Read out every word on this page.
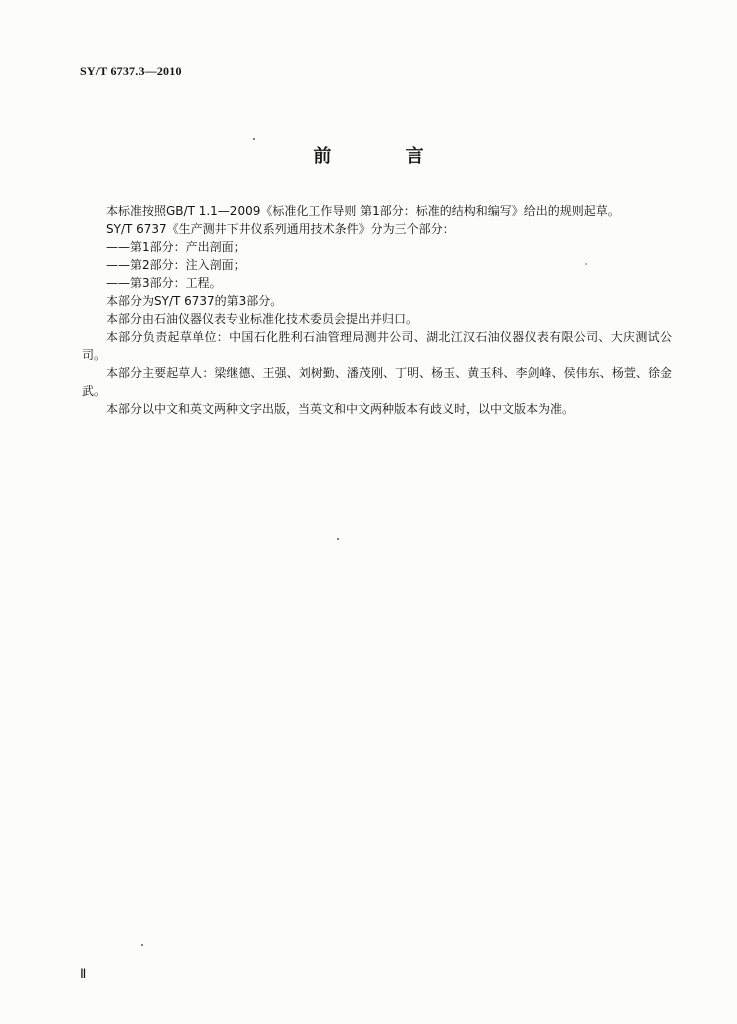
SY/T 6737.3—2010
前 言

本标准按照GB/T 1.1—2009《标准化工作导则 第1部分：标准的结构和编写》给出的规则起草。

SY/T 6737《生产测井下井仪系列通用技术条件》分为三个部分：

——第1部分：产出剖面；

——第2部分：注入剖面；

——第3部分：工程。

本部分为SY/T 6737的第3部分。

本部分由石油仪器仪表专业标准化技术委员会提出并归口。

本部分负责起草单位：中国石化胜利石油管理局测井公司、湖北江汉石油仪器仪表有限公司、大庆测试公司。

本部分主要起草人：梁继德、王强、刘树勤、潘茂刚、丁明、杨玉、黄玉科、李剑峰、侯伟东、杨萱、徐金武。

本部分以中文和英文两种文字出版，当英文和中文两种版本有歧义时，以中文版本为准。

Ⅱ
